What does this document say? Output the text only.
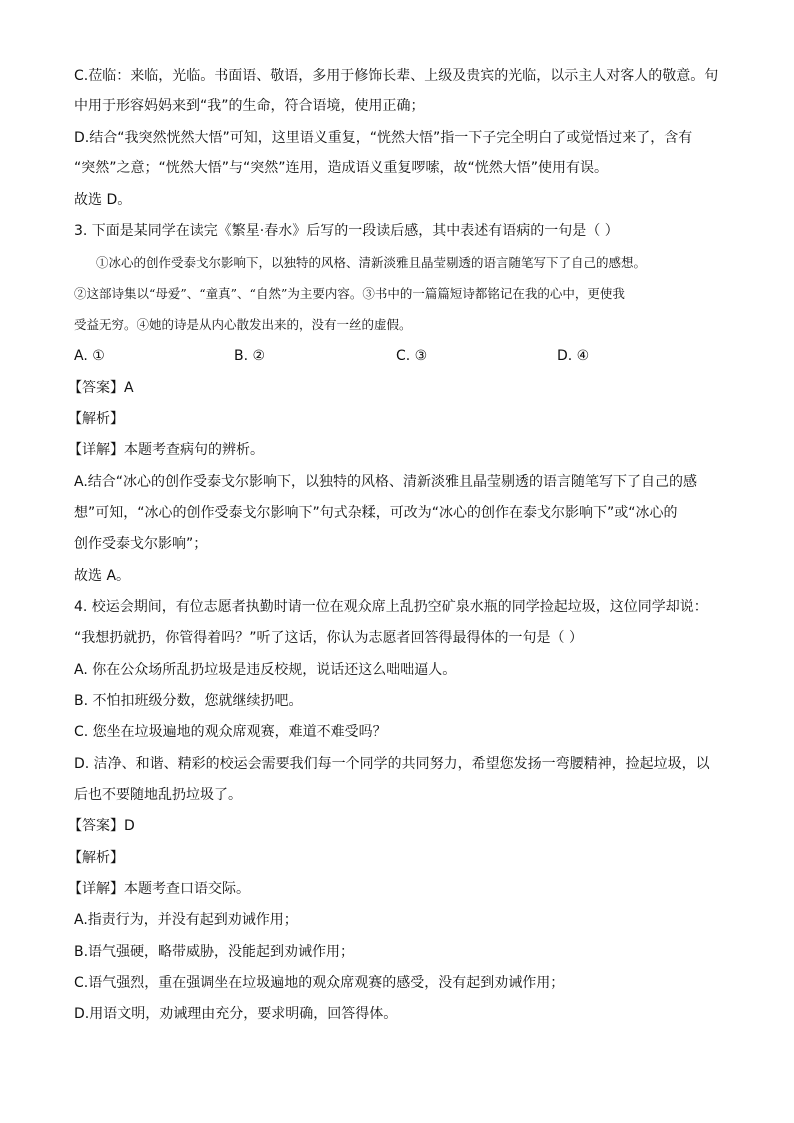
C.莅临：来临，光临。书面语、敬语，多用于修饰长辈、上级及贵宾的光临，以示主人对客人的敬意。句
中用于形容妈妈来到“我”的生命，符合语境，使用正确；
D.结合“我突然恍然大悟”可知，这里语义重复，“恍然大悟”指一下子完全明白了或觉悟过来了，含有
“突然”之意；“恍然大悟”与“突然”连用，造成语义重复啰嗦，故“恍然大悟”使用有误。
故选 D。
3. 下面是某同学在读完《繁星·春水》后写的一段读后感，其中表述有语病的一句是（ ）
①冰心的创作受泰戈尔影响下，以独特的风格、清新淡雅且晶莹剔透的语言随笔写下了自己的感想。
②这部诗集以“母爱”、“童真”、“自然”为主要内容。③书中的一篇篇短诗都铭记在我的心中，更使我
受益无穷。④她的诗是从内心散发出来的，没有一丝的虚假。
A. ①	B. ②	C. ③	D. ④
【答案】A
【解析】
【详解】本题考查病句的辨析。
A.结合“冰心的创作受泰戈尔影响下，以独特的风格、清新淡雅且晶莹剔透的语言随笔写下了自己的感
想”可知，“冰心的创作受泰戈尔影响下”句式杂糅，可改为“冰心的创作在泰戈尔影响下”或“冰心的
创作受泰戈尔影响”；
故选 A。
4. 校运会期间，有位志愿者执勤时请一位在观众席上乱扔空矿泉水瓶的同学捡起垃圾，这位同学却说：
“我想扔就扔，你管得着吗？”听了这话，你认为志愿者回答得最得体的一句是（ ）
A. 你在公众场所乱扔垃圾是违反校规，说话还这么咄咄逼人。
B. 不怕扣班级分数，您就继续扔吧。
C. 您坐在垃圾遍地的观众席观赛，难道不难受吗？
D. 洁净、和谐、精彩的校运会需要我们每一个同学的共同努力，希望您发扬一弯腰精神，捡起垃圾，以
后也不要随地乱扔垃圾了。
【答案】D
【解析】
【详解】本题考查口语交际。
A.指责行为，并没有起到劝诫作用；
B.语气强硬，略带威胁，没能起到劝诫作用；
C.语气强烈，重在强调坐在垃圾遍地的观众席观赛的感受，没有起到劝诫作用；
D.用语文明，劝诫理由充分，要求明确，回答得体。
